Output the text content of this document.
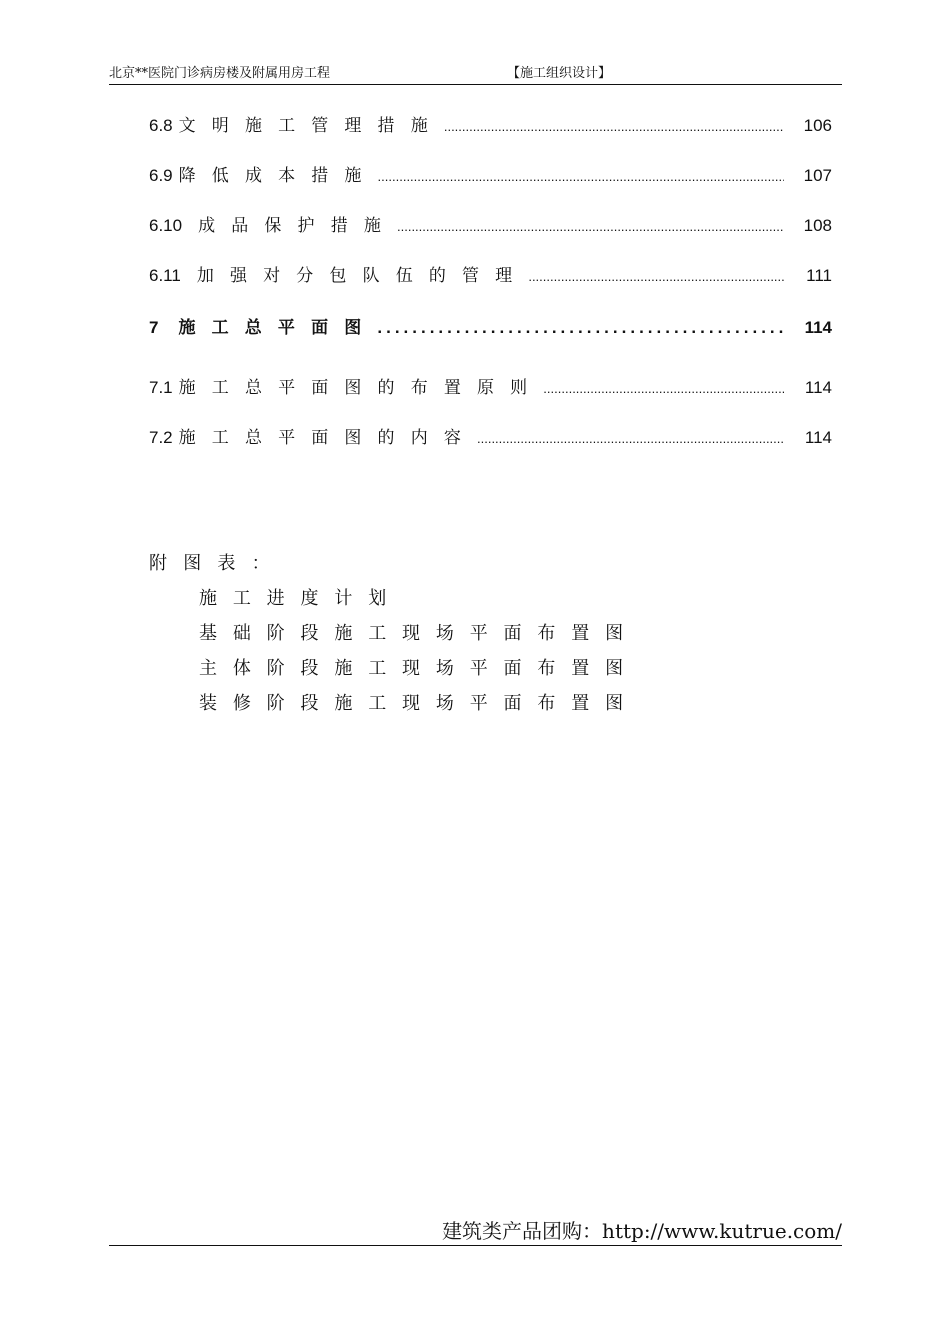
北京**医院门诊病房楼及附属用房工程	【施工组织设计】
6.8 文明施工管理措施 .....	106
6.9 降低成本措施 .....	107
6.10 成品保护措施 .....	108
6.11 加强对分包队伍的管理 .....	111
7 施工总平面图 .....	114
7.1 施工总平面图的布置原则 .....	114
7.2 施工总平面图的内容 .....	114
附图表：
施工进度计划
基础阶段施工现场平面布置图
主体阶段施工现场平面布置图
装修阶段施工现场平面布置图
建筑类产品团购：http://www.kutrue.com/
